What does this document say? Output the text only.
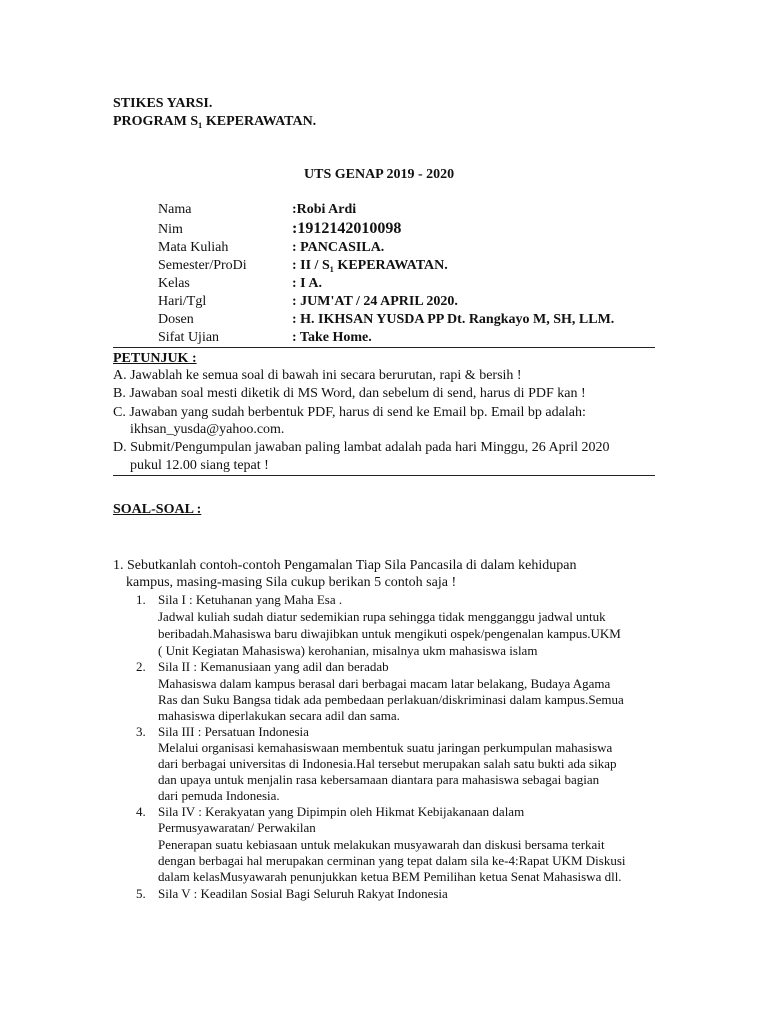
STIKES YARSI.
PROGRAM S₁ KEPERAWATAN.
UTS GENAP 2019 - 2020
Nama	:Robi Ardi
Nim	:1912142010098
Mata Kuliah	: PANCASILA.
Semester/ProDi	: II / S₁ KEPERAWATAN.
Kelas	: I A.
Hari/Tgl	: JUM'AT / 24 APRIL 2020.
Dosen	: H. IKHSAN YUSDA PP Dt. Rangkayo M, SH, LLM.
Sifat Ujian	: Take Home.
PETUNJUK :
A. Jawablah ke semua soal di bawah ini secara berurutan, rapi & bersih !
B. Jawaban soal mesti diketik di MS Word, dan sebelum di send, harus di PDF kan !
C. Jawaban yang sudah berbentuk PDF, harus di send ke Email bp. Email bp adalah:
ikhsan_yusda@yahoo.com.
D. Submit/Pengumpulan jawaban paling lambat adalah pada hari Minggu, 26 April 2020
pukul 12.00 siang tepat !
SOAL-SOAL :
1. Sebutkanlah contoh-contoh Pengamalan Tiap Sila Pancasila di dalam kehidupan
kampus, masing-masing Sila cukup berikan 5 contoh saja !
1. Sila I : Ketuhanan yang Maha Esa .
Jadwal kuliah sudah diatur sedemikian rupa sehingga tidak mengganggu jadwal untuk
beribadah.Mahasiswa baru diwajibkan untuk mengikuti ospek/pengenalan kampus.UKM
( Unit Kegiatan Mahasiswa) kerohanian, misalnya ukm mahasiswa islam
2. Sila II : Kemanusiaan yang adil dan beradab
Mahasiswa dalam kampus berasal dari berbagai macam latar belakang, Budaya Agama
Ras dan Suku Bangsa tidak ada pembedaan perlakuan/diskriminasi dalam kampus.Semua
mahasiswa diperlakukan secara adil dan sama.
3. Sila III : Persatuan Indonesia
Melalui organisasi kemahasiswaan membentuk suatu jaringan perkumpulan mahasiswa
dari berbagai universitas di Indonesia.Hal tersebut merupakan salah satu bukti ada sikap
dan upaya untuk menjalin rasa kebersamaan diantara para mahasiswa sebagai bagian
dari pemuda Indonesia.
4. Sila IV : Kerakyatan yang Dipimpin oleh Hikmat Kebijakanaan dalam
Permusyawaratan/ Perwakilan
Penerapan suatu kebiasaan untuk melakukan musyawarah dan diskusi bersama terkait
dengan berbagai hal merupakan cerminan yang tepat dalam sila ke-4:Rapat UKM Diskusi
dalam kelasMusyawarah penunjukkan ketua BEM Pemilihan ketua Senat Mahasiswa dll.
5. Sila V : Keadilan Sosial Bagi Seluruh Rakyat Indonesia
